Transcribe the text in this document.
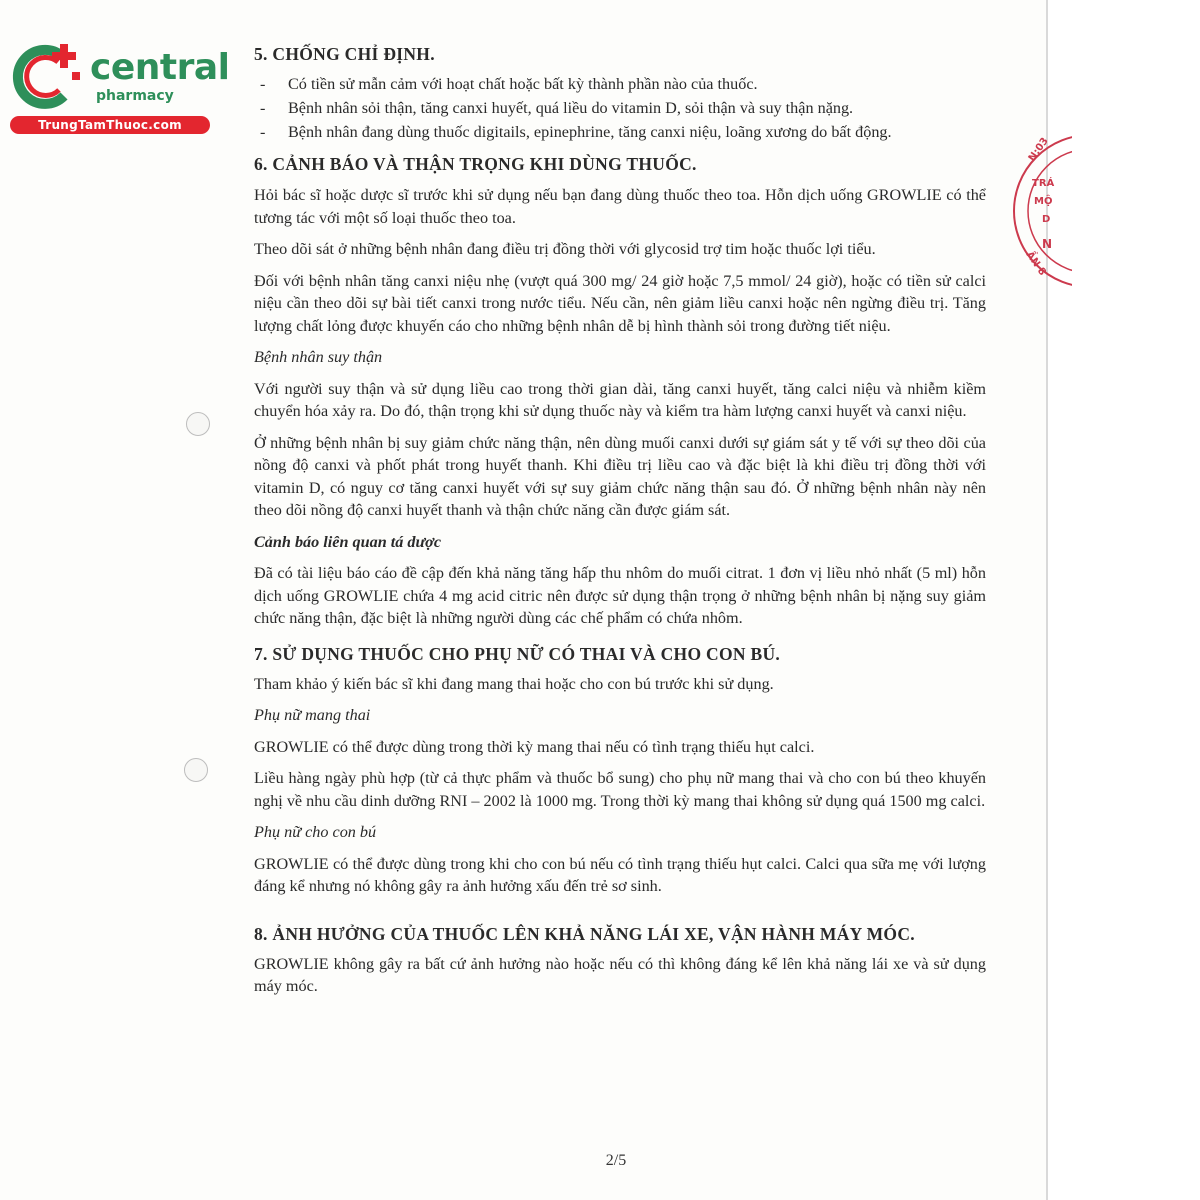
central
pharmacy
TrungTamThuoc.com
N:03
TRÁ
MỘ
D
N
ẦN 8
5. CHỐNG CHỈ ĐỊNH.
- Có tiền sử mẫn cảm với hoạt chất hoặc bất kỳ thành phần nào của thuốc.
- Bệnh nhân sỏi thận, tăng canxi huyết, quá liều do vitamin D, sỏi thận và suy thận nặng.
- Bệnh nhân đang dùng thuốc digitails, epinephrine, tăng canxi niệu, loãng xương do bất động.
6. CẢNH BÁO VÀ THẬN TRỌNG KHI DÙNG THUỐC.

Hỏi bác sĩ hoặc dược sĩ trước khi sử dụng nếu bạn đang dùng thuốc theo toa. Hỗn dịch uống GROWLIE có thể tương tác với một số loại thuốc theo toa.

Theo dõi sát ở những bệnh nhân đang điều trị đồng thời với glycosid trợ tim hoặc thuốc lợi tiểu.

Đối với bệnh nhân tăng canxi niệu nhẹ (vượt quá 300 mg/ 24 giờ hoặc 7,5 mmol/ 24 giờ), hoặc có tiền sử calci niệu cần theo dõi sự bài tiết canxi trong nước tiểu. Nếu cần, nên giảm liều canxi hoặc nên ngừng điều trị. Tăng lượng chất lỏng được khuyến cáo cho những bệnh nhân dễ bị hình thành sỏi trong đường tiết niệu.

Bệnh nhân suy thận

Với người suy thận và sử dụng liều cao trong thời gian dài, tăng canxi huyết, tăng calci niệu và nhiễm kiềm chuyển hóa xảy ra. Do đó, thận trọng khi sử dụng thuốc này và kiểm tra hàm lượng canxi huyết và canxi niệu.

Ở những bệnh nhân bị suy giảm chức năng thận, nên dùng muối canxi dưới sự giám sát y tế với sự theo dõi của nồng độ canxi và phốt phát trong huyết thanh. Khi điều trị liều cao và đặc biệt là khi điều trị đồng thời với vitamin D, có nguy cơ tăng canxi huyết với sự suy giảm chức năng thận sau đó. Ở những bệnh nhân này nên theo dõi nồng độ canxi huyết thanh và thận chức năng cần được giám sát.

Cảnh báo liên quan tá dược

Đã có tài liệu báo cáo đề cập đến khả năng tăng hấp thu nhôm do muối citrat. 1 đơn vị liều nhỏ nhất (5 ml) hỗn dịch uống GROWLIE chứa 4 mg acid citric nên được sử dụng thận trọng ở những bệnh nhân bị nặng suy giảm chức năng thận, đặc biệt là những người dùng các chế phẩm có chứa nhôm.

7. SỬ DỤNG THUỐC CHO PHỤ NỮ CÓ THAI VÀ CHO CON BÚ.

Tham khảo ý kiến bác sĩ khi đang mang thai hoặc cho con bú trước khi sử dụng.

Phụ nữ mang thai

GROWLIE có thể được dùng trong thời kỳ mang thai nếu có tình trạng thiếu hụt calci.

Liều hàng ngày phù hợp (từ cả thực phẩm và thuốc bổ sung) cho phụ nữ mang thai và cho con bú theo khuyến nghị về nhu cầu dinh dưỡng RNI – 2002 là 1000 mg. Trong thời kỳ mang thai không sử dụng quá 1500 mg calci.

Phụ nữ cho con bú

GROWLIE có thể được dùng trong khi cho con bú nếu có tình trạng thiếu hụt calci. Calci qua sữa mẹ với lượng đáng kể nhưng nó không gây ra ảnh hưởng xấu đến trẻ sơ sinh.

8. ẢNH HƯỞNG CỦA THUỐC LÊN KHẢ NĂNG LÁI XE, VẬN HÀNH MÁY MÓC.

GROWLIE không gây ra bất cứ ảnh hưởng nào hoặc nếu có thì không đáng kể lên khả năng lái xe và sử dụng máy móc.

2/5
